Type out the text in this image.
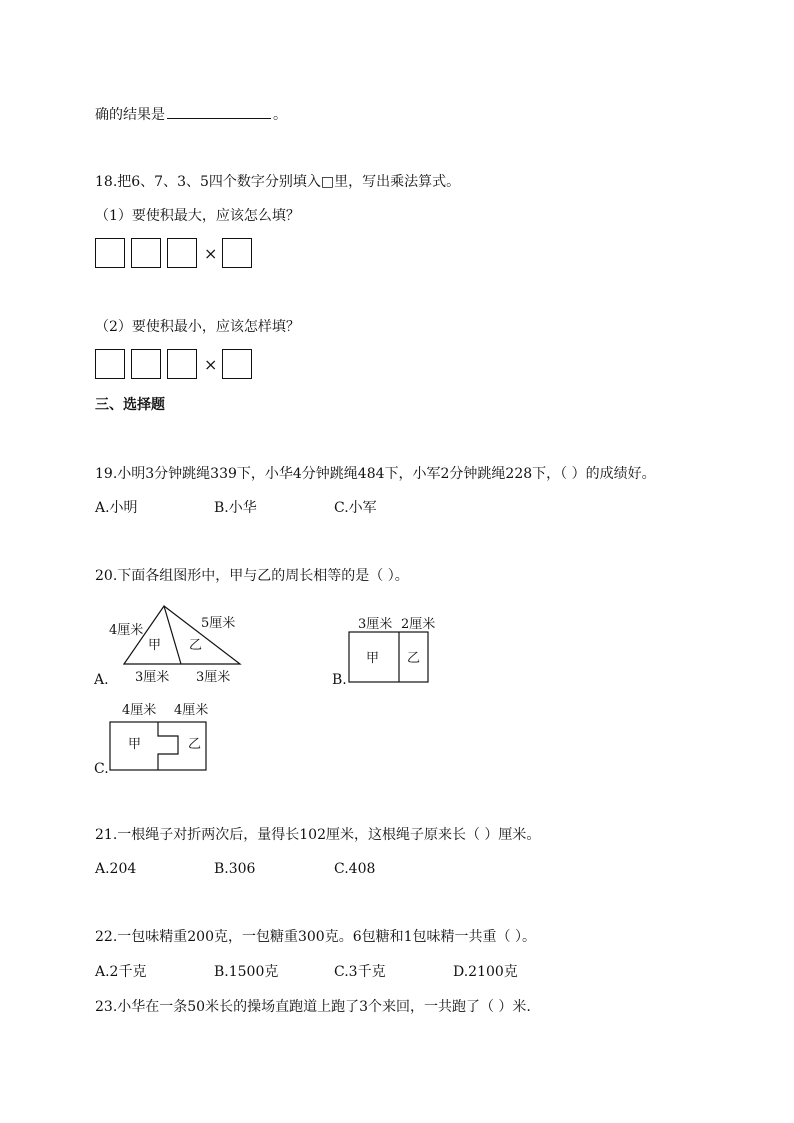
确的结果是	。
18.把6、7、3、5四个数字分别填入□里，写出乘法算式。
（1）要使积最大，应该怎么填？
×
（2）要使积最小，应该怎样填？
×
三、选择题
19.小明3分钟跳绳339下，小华4分钟跳绳484下，小军2分钟跳绳228下，（ ）的成绩好。
A.小明	B.小华	C.小军
20.下面各组图形中，甲与乙的周长相等的是（ ）。
A.
4厘米	5厘米
甲 乙
3厘米 3厘米	B.
3厘米 2厘米
甲 乙
C.
4厘米 4厘米
甲	乙
21.一根绳子对折两次后，量得长102厘米，这根绳子原来长（ ）厘米。
A.204	B.306	C.408
22.一包味精重200克，一包糖重300克。6包糖和1包味精一共重（ ）。
A.2千克	B.1500克	C.3千克	D.2100克
23.小华在一条50米长的操场直跑道上跑了3个来回，一共跑了（ ）米.
